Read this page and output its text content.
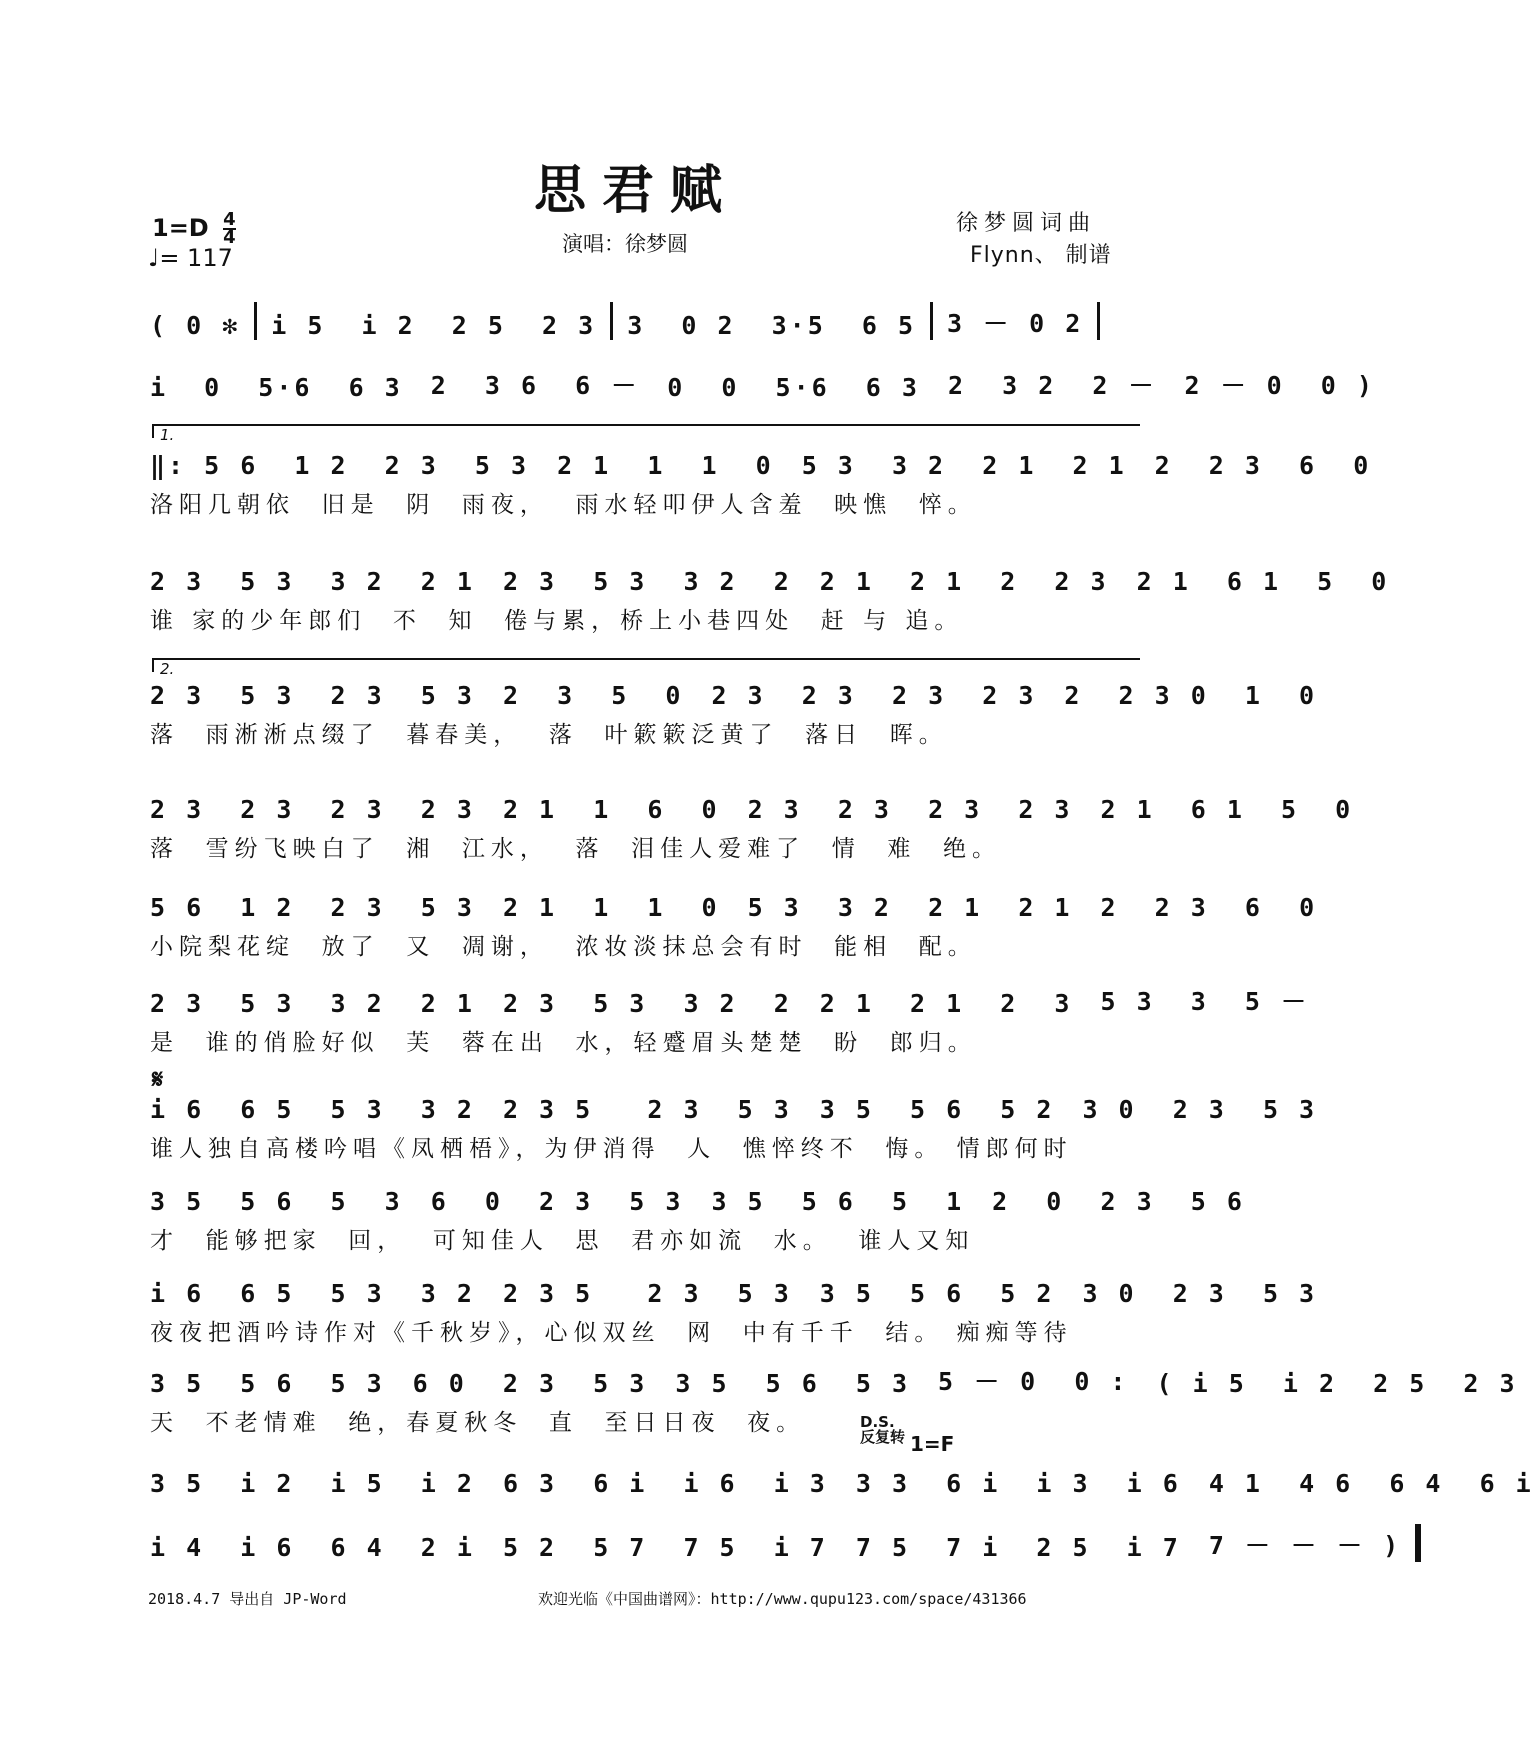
思君赋
$1=D \frac{4}{4}$
♩= 117	演唱：徐梦圆
徐梦圆词曲
Flynn、 制谱
( 0 ✻ i 5  i 2  2 5  2 3 3  0 2  3·5  6 5 3 － 0 2
i  0  5·6  6 3 2  3 6  6 － 0  0  5·6  6 3 2  3 2  2 － 2 － 0  0 )
‖: 5 6  1 2  2 3  5 3 2 1  1  1  0 5 3  3 2  2 1  2 1 2  2 3  6  0
洛阳几朝依  旧是  阴  雨夜，  雨水轻叩伊人含羞  映憔  悴。
2 3  5 3  3 2  2 1 2 3  5 3  3 2  2 2 1  2 1  2  2 3 2 1  6 1  5  0
谁 家的少年郎们  不  知  倦与累，桥上小巷四处  赶 与 追。
2 3  5 3  2 3  5 3 2  3  5  0 2 3  2 3  2 3  2 3 2  2 3 0  1  0
落  雨淅淅点缀了  暮春美，  落  叶簌簌泛黄了  落日  晖。
2 3  2 3  2 3  2 3 2 1  1  6  0 2 3  2 3  2 3  2 3 2 1  6 1  5  0
落  雪纷飞映白了  湘  江水，  落  泪佳人爱难了  情  难  绝。
5 6  1 2  2 3  5 3 2 1  1  1  0 5 3  3 2  2 1  2 1 2  2 3  6  0
小院梨花绽  放了  又  凋谢，  浓妆淡抹总会有时  能相  配。
2 3  5 3  3 2  2 1 2 3  5 3  3 2  2 2 1  2 1  2  3 5 3  3  5 －
是  谁的俏脸好似  芙  蓉在出  水，轻蹙眉头楚楚  盼  郎归。
i 6  6 5  5 3  3 2 2 3 5   2 3  5 3 3 5  5 6  5 2 3 0  2 3  5 3
谁人独自高楼吟唱《凤栖梧》，为伊消得  人  憔悴终不  悔。 情郎何时
3 5  5 6  5  3 6  0  2 3  5 3 3 5  5 6  5  1 2  0  2 3  5 6
才  能够把家  回，  可知佳人  思  君亦如流  水。  谁人又知
i 6  6 5  5 3  3 2 2 3 5   2 3  5 3 3 5  5 6  5 2 3 0  2 3  5 3
夜夜把酒吟诗作对《千秋岁》，心似双丝  网  中有千千  结。 痴痴等待
3 5  5 6  5 3 6 0  2 3  5 3 3 5  5 6  5 3 5 － 0  0 : ( i 5  i 2  2 5  2 3
天  不老情难  绝，春夏秋冬  直  至日日夜  夜。
3 5  i 2  i 5  i 2 6 3  6 i  i 6  i 3 3 3  6 i  i 3  i 6 4 1  4 6  6 4  6 i
i 4  i 6  6 4  2 i 5 2  5 7  7 5  i 7 7 5  7 i  2 5  i 7 7 － － － )
1.
2.
𝄋
D.S.
反复转 1=F
2018.4.7 导出自 JP-Word	欢迎光临《中国曲谱网》：http://www.qupu123.com/space/431366
